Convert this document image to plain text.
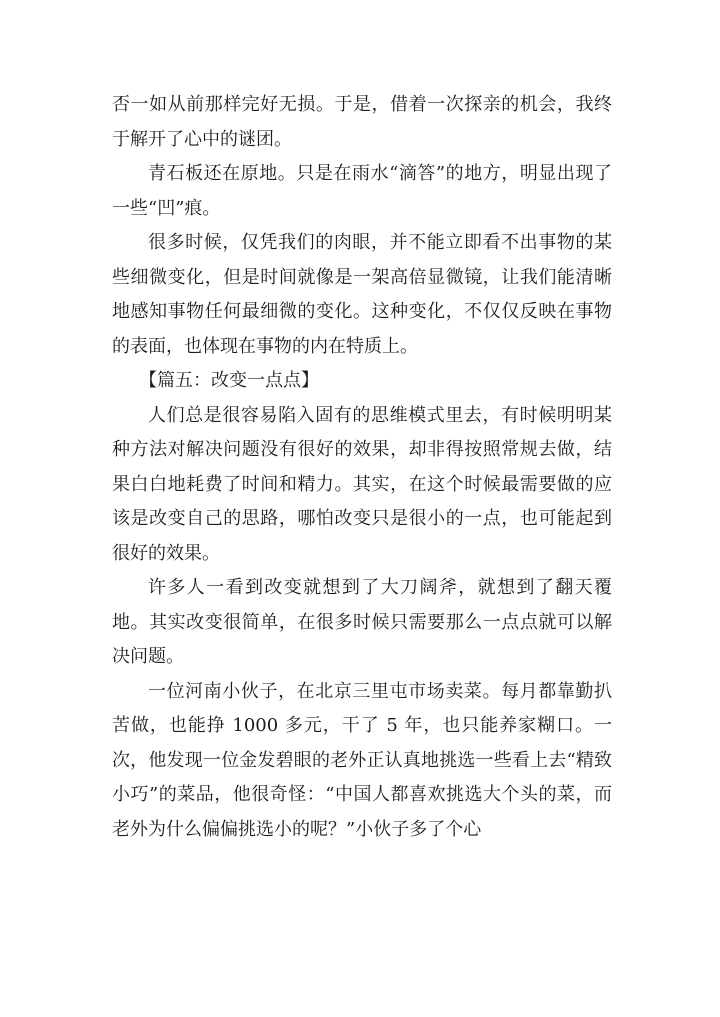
否一如从前那样完好无损。于是，借着一次探亲的机会，我终于解开了心中的谜团。

青石板还在原地。只是在雨水“滴答”的地方，明显出现了一些“凹”痕。

很多时候，仅凭我们的肉眼，并不能立即看不出事物的某些细微变化，但是时间就像是一架高倍显微镜，让我们能清晰地感知事物任何最细微的变化。这种变化，不仅仅反映在事物的表面，也体现在事物的内在特质上。

【篇五：改变一点点】

人们总是很容易陷入固有的思维模式里去，有时候明明某种方法对解决问题没有很好的效果，却非得按照常规去做，结果白白地耗费了时间和精力。其实，在这个时候最需要做的应该是改变自己的思路，哪怕改变只是很小的一点，也可能起到很好的效果。

许多人一看到改变就想到了大刀阔斧，就想到了翻天覆地。其实改变很简单，在很多时候只需要那么一点点就可以解决问题。

一位河南小伙子，在北京三里屯市场卖菜。每月都靠勤扒苦做，也能挣 1000 多元，干了 5 年，也只能养家糊口。一次，他发现一位金发碧眼的老外正认真地挑选一些看上去“精致小巧”的菜品，他很奇怪：“中国人都喜欢挑选大个头的菜，而老外为什么偏偏挑选小的呢？”小伙子多了个心
